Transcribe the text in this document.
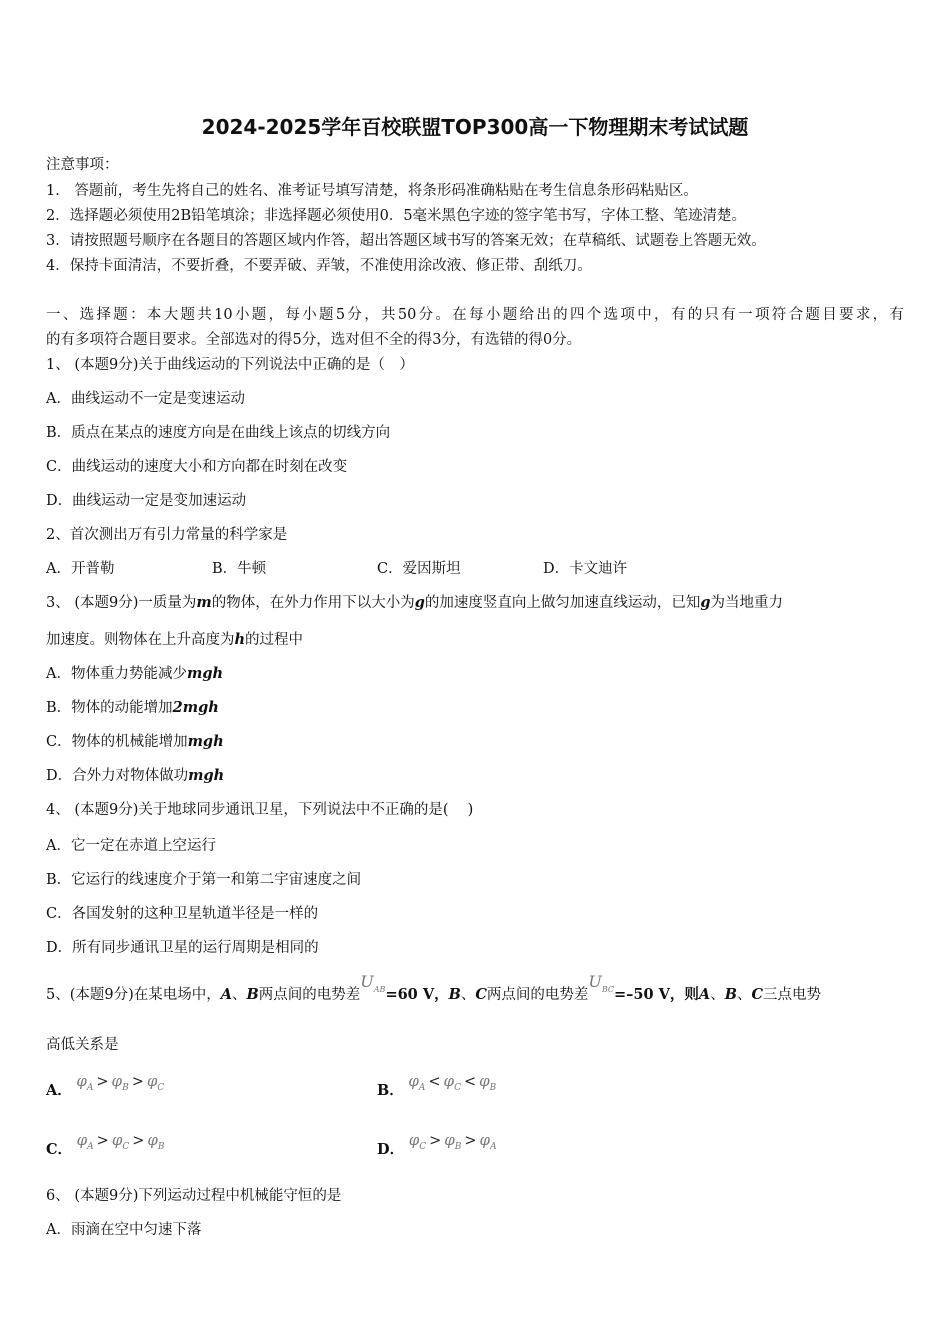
2024-2025学年百校联盟TOP300高一下物理期末考试试题
注意事项：
1． 答题前，考生先将自己的姓名、准考证号填写清楚，将条形码准确粘贴在考生信息条形码粘贴区。
2．选择题必须使用2B铅笔填涂；非选择题必须使用0．5毫米黑色字迹的签字笔书写，字体工整、笔迹清楚。
3．请按照题号顺序在各题目的答题区域内作答，超出答题区域书写的答案无效；在草稿纸、试题卷上答题无效。
4．保持卡面清洁，不要折叠，不要弄破、弄皱，不准使用涂改液、修正带、刮纸刀。
一、选择题：本大题共10小题，每小题5分，共50分。在每小题给出的四个选项中，有的只有一项符合题目要求，有
的有多项符合题目要求。全部选对的得5分，选对但不全的得3分，有选错的得0分。
1、 (本题9分)关于曲线运动的下列说法中正确的是（　）
A．曲线运动不一定是变速运动
B．质点在某点的速度方向是在曲线上该点的切线方向
C．曲线运动的速度大小和方向都在时刻在改变
D．曲线运动一定是变加速运动
2、首次测出万有引力常量的科学家是
A．开普勒	B．牛顿	C．爱因斯坦	D．卡文迪许
3、 (本题9分)一质量为m的物体，在外力作用下以大小为g的加速度竖直向上做匀加速直线运动，已知g为当地重力
加速度。则物体在上升高度为h的过程中
A．物体重力势能减少mgh
B．物体的动能增加2mgh
C．物体的机械能增加mgh
D．合外力对物体做功mgh
4、 (本题9分)关于地球同步通讯卫星，下列说法中不正确的是(　 )
A．它一定在赤道上空运行
B．它运行的线速度介于第一和第二宇宙速度之间
C．各国发射的这种卫星轨道半径是一样的
D．所有同步通讯卫星的运行周期是相同的
5、(本题9分)在某电场中，A、B两点间的电势差$U_{AB}=60$ V，B、C两点间的电势差$U_{BC}=-50$ V，则A、B、C三点电势
高低关系是
A． $\varphi_A > \varphi_B > \varphi_C$	B． $\varphi_A < \varphi_C < \varphi_B$
C． $\varphi_A > \varphi_C > \varphi_B$	D． $\varphi_C > \varphi_B > \varphi_A$
6、 (本题9分)下列运动过程中机械能守恒的是
A．雨滴在空中匀速下落
